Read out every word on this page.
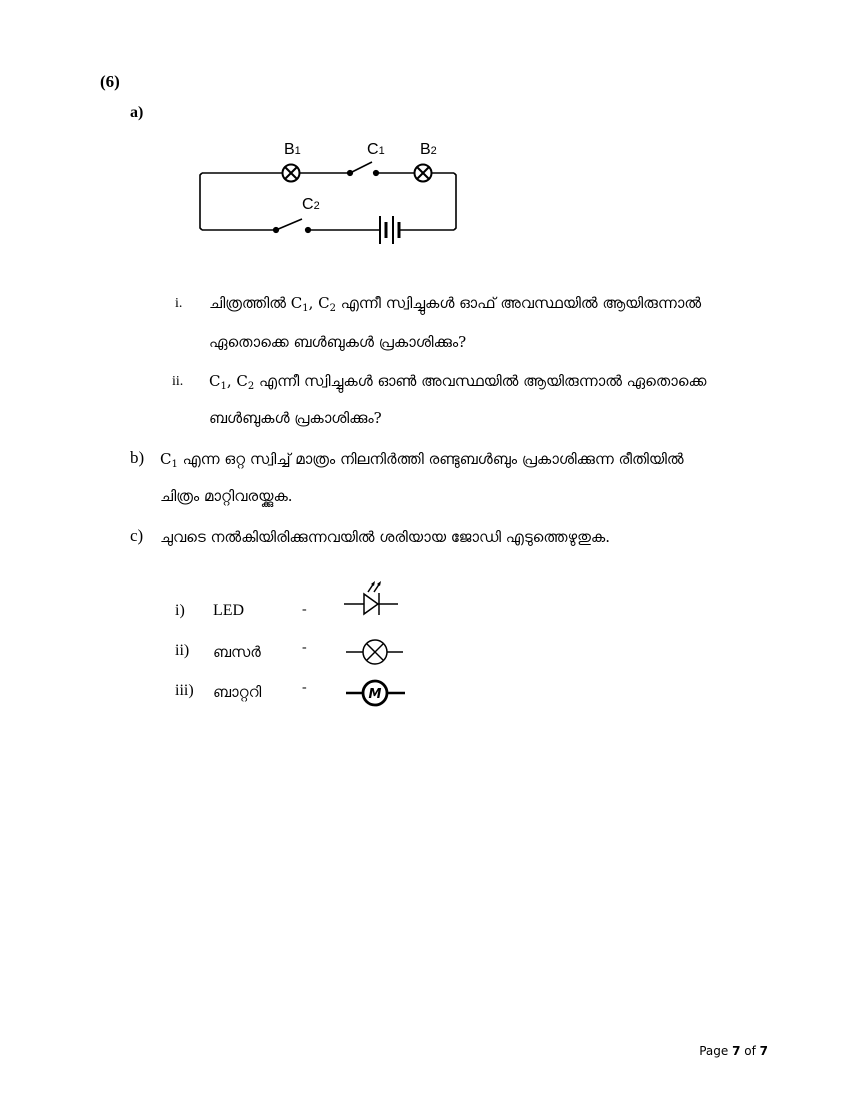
(6)
a)
B1	C1 B2
C2
i. ചിത്രത്തിൽ $C_1$, $C_2$ എന്നീ സ്വിച്ചുകൾ ഓഫ് അവസ്ഥയിൽ ആയിരുന്നാൽ
ഏതൊക്കെ ബൾബുകൾ പ്രകാശിക്കും?
ii. $C_1$, $C_2$ എന്നീ സ്വിച്ചുകൾ ഓൺ അവസ്ഥയിൽ ആയിരുന്നാൽ ഏതൊക്കെ
ബൾബുകൾ പ്രകാശിക്കും?
b) $C_1$ എന്ന ഒറ്റ സ്വിച്ച് മാത്രം നിലനിർത്തി രണ്ടുബൾബും പ്രകാശിക്കുന്ന രീതിയിൽ
ചിത്രം മാറ്റിവരയ്ക്കുക.
c) ചുവടെ നൽകിയിരിക്കുന്നവയിൽ ശരിയായ ജോഡി എടുത്തെഴുതുക.
i) LED	-
ii) ബസർ	-
iii) ബാറ്ററി	-	M
Page 7 of 7
